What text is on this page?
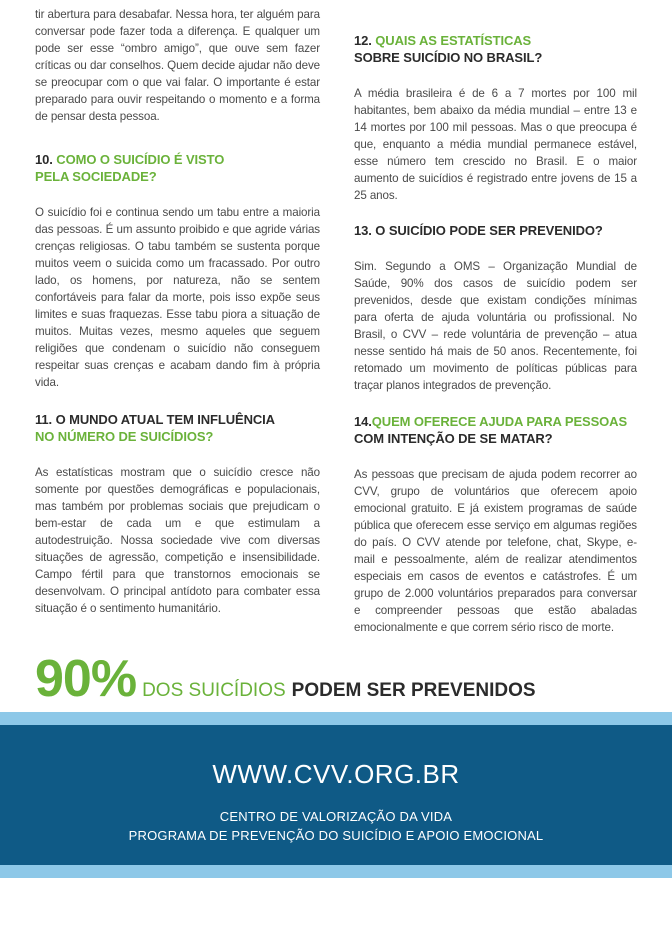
tir abertura para desabafar. Nessa hora, ter alguém para conversar pode fazer toda a diferença. E qualquer um pode ser esse “ombro amigo”, que ouve sem fazer críticas ou dar conselhos. Quem decide ajudar não deve se preocupar com o que vai falar. O importante é estar preparado para ouvir respeitando o momento e a forma de pensar desta pessoa.

10. COMO O SUICÍDIO É VISTO
PELA SOCIEDADE?

O suicídio foi e continua sendo um tabu entre a maioria das pessoas. É um assunto proibido e que agride várias crenças religiosas. O tabu também se sustenta porque muitos veem o suicida como um fracassado. Por outro lado, os homens, por natureza, não se sentem confortáveis para falar da morte, pois isso expõe seus limites e suas fraquezas. Esse tabu piora a situação de muitos. Muitas vezes, mesmo aqueles que seguem religiões que condenam o suicídio não conseguem respeitar suas crenças e acabam dando fim à própria vida.

11. O MUNDO ATUAL TEM INFLUÊNCIA
NO NÚMERO DE SUICÍDIOS?

As estatísticas mostram que o suicídio cresce não somente por questões demográficas e populacionais, mas também por problemas sociais que prejudicam o bem-estar de cada um e que estimulam a autodestruição. Nossa sociedade vive com diversas situações de agressão, competição e insensibilidade. Campo fértil para que transtornos emocionais se desenvolvam. O principal antídoto para combater essa situação é o sentimento humanitário.

12. QUAIS AS ESTATÍSTICAS
SOBRE SUICÍDIO NO BRASIL?

A média brasileira é de 6 a 7 mortes por 100 mil habitantes, bem abaixo da média mundial – entre 13 e 14 mortes por 100 mil pessoas. Mas o que preocupa é que, enquanto a média mundial permanece estável, esse número tem crescido no Brasil. E o maior aumento de suicídios é registrado entre jovens de 15 a 25 anos.

13. O SUICÍDIO PODE SER PREVENIDO?

Sim. Segundo a OMS – Organização Mundial de Saúde, 90% dos casos de suicídio podem ser prevenidos, desde que existam condições mínimas para oferta de ajuda voluntária ou profissional. No Brasil, o CVV – rede voluntária de prevenção – atua nesse sentido há mais de 50 anos. Recentemente, foi retomado um movimento de políticas públicas para traçar planos integrados de prevenção.

14.QUEM OFERECE AJUDA PARA PESSOAS
COM INTENÇÃO DE SE MATAR?

As pessoas que precisam de ajuda podem recorrer ao CVV, grupo de voluntários que oferecem apoio emocional gratuito. E já existem programas de saúde pública que oferecem esse serviço em algumas regiões do país. O CVV atende por telefone, chat, Skype, e-mail e pessoalmente, além de realizar atendimentos especiais em casos de eventos e catástrofes. É um grupo de 2.000 voluntários preparados para conversar e compreender pessoas que estão abaladas emocionalmente e que correm sério risco de morte.

90% DOS SUICÍDIOS PODEM SER PREVENIDOS
WWW.CVV.ORG.BR
CENTRO DE VALORIZAÇÃO DA VIDA
PROGRAMA DE PREVENÇÃO DO SUICÍDIO E APOIO EMOCIONAL
